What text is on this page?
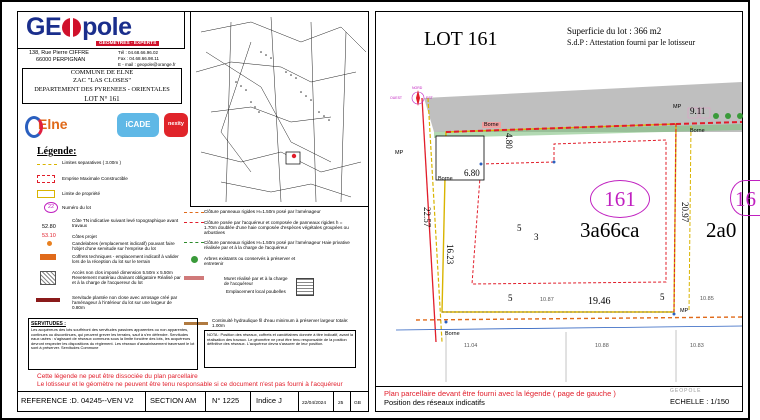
GE pole
GEOMETRES - EXPERTS
138, Rue Pierre CIFFRE
66000 PERPIGNAN
Tél : 04.68.66.96.02
Fax : 04.68.66.98.11
E - mail : geopole@orange.fr
COMMUNE DE ELNE
ZAC "LAS CLOSES"
DEPARTEMENT DES PYRENEES - ORIENTALES
LOT N° 161
Elne	iCADE	nexity
Légende:
22
52.80
53.10
Limites separatives ( 3.00m )
Emprise Maximale Constructible
Limite de propriété
Numéro du lot
Côte TN indicative suivant levé topographique avant travaux
Côtes projet
Candelabres (emplacement indicatif) pouvant faire l'objet d'une servitude sur l'emprise du lot
Coffrets techniques - emplacement indicatif à valider lors de la réception du lot sur le terrain
Accès non clos imposé dimension 5.50m x 5.50m Revetement matériau drainant obligatoire Réalisé par et à la charge de l'acquereur du lot
Servitude plantée non close avec arrosage créé par l'aménageur à l'intérieur du lot sur une largeur de 0.80m
Clôture panneaux rigides H=1.50m posé par l'aménageur
Clôture posée par l'acquéreur et composée de panneaux rigides h = 1.70m doublée d'une haie composée d'espèces végétales groupées ou arbustives
Clôture panneaux rigides H=1.50m posé par l'aménageur Haie privative réalisée par et à la charge de l'acquéreur
Arbres existants ou conservés à préserver et entretenir
Muret réalisé par et à la charge de l'acquéreur
Emplacement local poubelles
Continuité hydraulique fil d'eau minimum à préserver largeur totale: 1.00m
SERVITUDES :
Les acquéreurs des lots souffriront des servitudes passives apparentes ou non apparentes, continues ou discontinues, qui peuvent grever les terrains, sauf à s'en défendre. Servitudes eaux usées : s'agissant de réseaux communs sous la limite foncière des lots, les acquéreurs devront respecter les dispositions du règlement. Les réseaux d'assainissement traversant le lot sont à préserver. Servitudes Commune
NOTA : Position des réseaux, coffrets et candélabres donnée à titre indicatif, avant la réalisation des travaux. Le géomètre ne peut être tenu responsable de la position définitive des réseaux. L'acquéreur devra s'assurer de leur position.
Cette légende ne peut être dissociée du plan parcellaire
Le lotisseur et le géomètre ne peuvent être tenu responsable si ce document n'est pas fourni à l'acquéreur
REFERENCE :D. 04245--VEN V2 SECTION AM N° 1225 Indice J	22/04/2024 25 GB
LOT 161	Superficie du lot : 366 m2
S.d.P : Attestation fourni par le lotisseur
161
3a66ca
16
2a0
4.80
6.80
22.57
16.23
20.97
19.46
9.11
5
5
3
5
10.87
10.88
11.04	10.83
10.85
Borne
Borne
Borne
Borne
MP
MP
MP
NORD
EST
OUEST
Plan parcellaire devant être fourni avec la légende ( page de gauche )
Position des réseaux indicatifs	ECHELLE : 1/150
GEOPOLE
